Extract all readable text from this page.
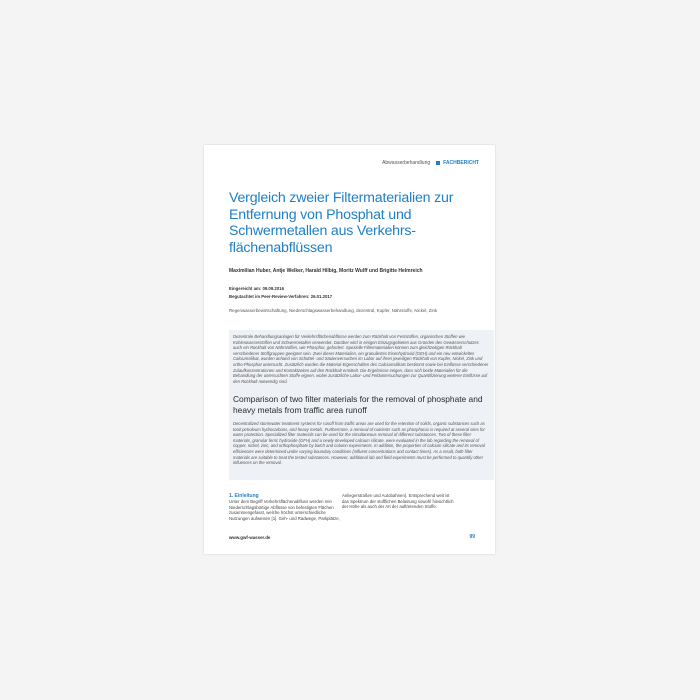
Abwasserbehandlung	FACHBERICHT
Vergleich zweier Filtermaterialien zur Entfernung von Phosphat und Schwermetallen aus Verkehrs-flächenabflüssen

Maximilian Huber, Antje Welker, Harald Hilbig, Moritz Wulff und Brigitte Helmreich

Eingereicht am: 09.09.2016
Begutachtet im Peer-Review-Verfahren: 26.01.2017

Regenwasserbewirtschaftung, Niederschlagswasserbehandlung, dezentral, Kupfer, Nährstoffe, Nickel, Zink

Dezentrale Behandlungsanlagen für Verkehrsflächenabflüsse werden zum Rückhalt von Feststoffen, organischen Stoffen wie Kohlenwasserstoffen und Schwermetallen verwendet. Darüber wird in einigen Einzugsgebieten aus Gründen des Gewässerschutzes auch ein Rückhalt von Nährstoffen, wie Phosphor, gefordert. Spezielle Filtermaterialien können zum gleichzeitigen Rückhalt verschiedener Stoffgruppen geeignet sein. Zwei dieser Materialien, ein granuliertes Eisenhydroxid (GEH) und ein neu entwickeltes Calciumsilikat, wurden anhand von Schüttel- und Säulenversuchen im Labor auf ihren jeweiligen Rückhalt von Kupfer, Nickel, Zink und ortho-Phosphat untersucht. Zusätzlich wurden die Material-Eigenschaften des Calciumsilikats bestimmt sowie bei Einflüsse verschiedener Zulaufkonzentrationen und Kontaktzeiten auf den Rückhalt ermittelt. Die Ergebnisse zeigen, dass sich beide Materialien für die Behandlung der untersuchten Stoffe eignen, wobei zusätzliche Labor- und Felduntersuchungen zur Quantifizierung weiterer Einflüsse auf den Rückhalt notwendig sind.

Comparison of two filter materials for the removal of phosphate and heavy metals from traffic area runoff

Decentralized stormwater treatment systems for runoff from traffic areas are used for the retention of solids, organic substances such as total petroleum hydrocarbons, and heavy metals. Furthermore, a removal of nutrients such as phosphorus is required at several sites for water protection. Specialized filter materials can be used for the simultaneous removal of different substances. Two of these filter materials, granular ferric hydroxide (GFH) and a newly developed calcium silicate, were evaluated in the lab regarding the removal of copper, nickel, zinc, and orthophosphate by batch and column experiments. In addition, the properties of calcium silicate and its removal efficiencies were determined under varying boundary conditions (influent concentrations and contact times). As a result, both filter materials are suitable to treat the tested substances. However, additional lab and field experiments must be performed to quantify other influences on the removal.

1. Einleitung

Unter dem Begriff Verkehrsflächenabfluss werden rein Niederschlagsbürtige Abflüsse von befestigten Flächen zusammengefasst, welche höchst unterschiedliche Nutzungen aufweisen [1]. Geh- und Radwege, Parkplätze,

Anliegerstraßen und Autobahnen). Entsprechend weit ist das Spektrum der stofflichen Belastung sowohl hinsichtlich der Höhe als auch der Art der auftretenden Stoffe.

www.gwf-wasser.de	99
